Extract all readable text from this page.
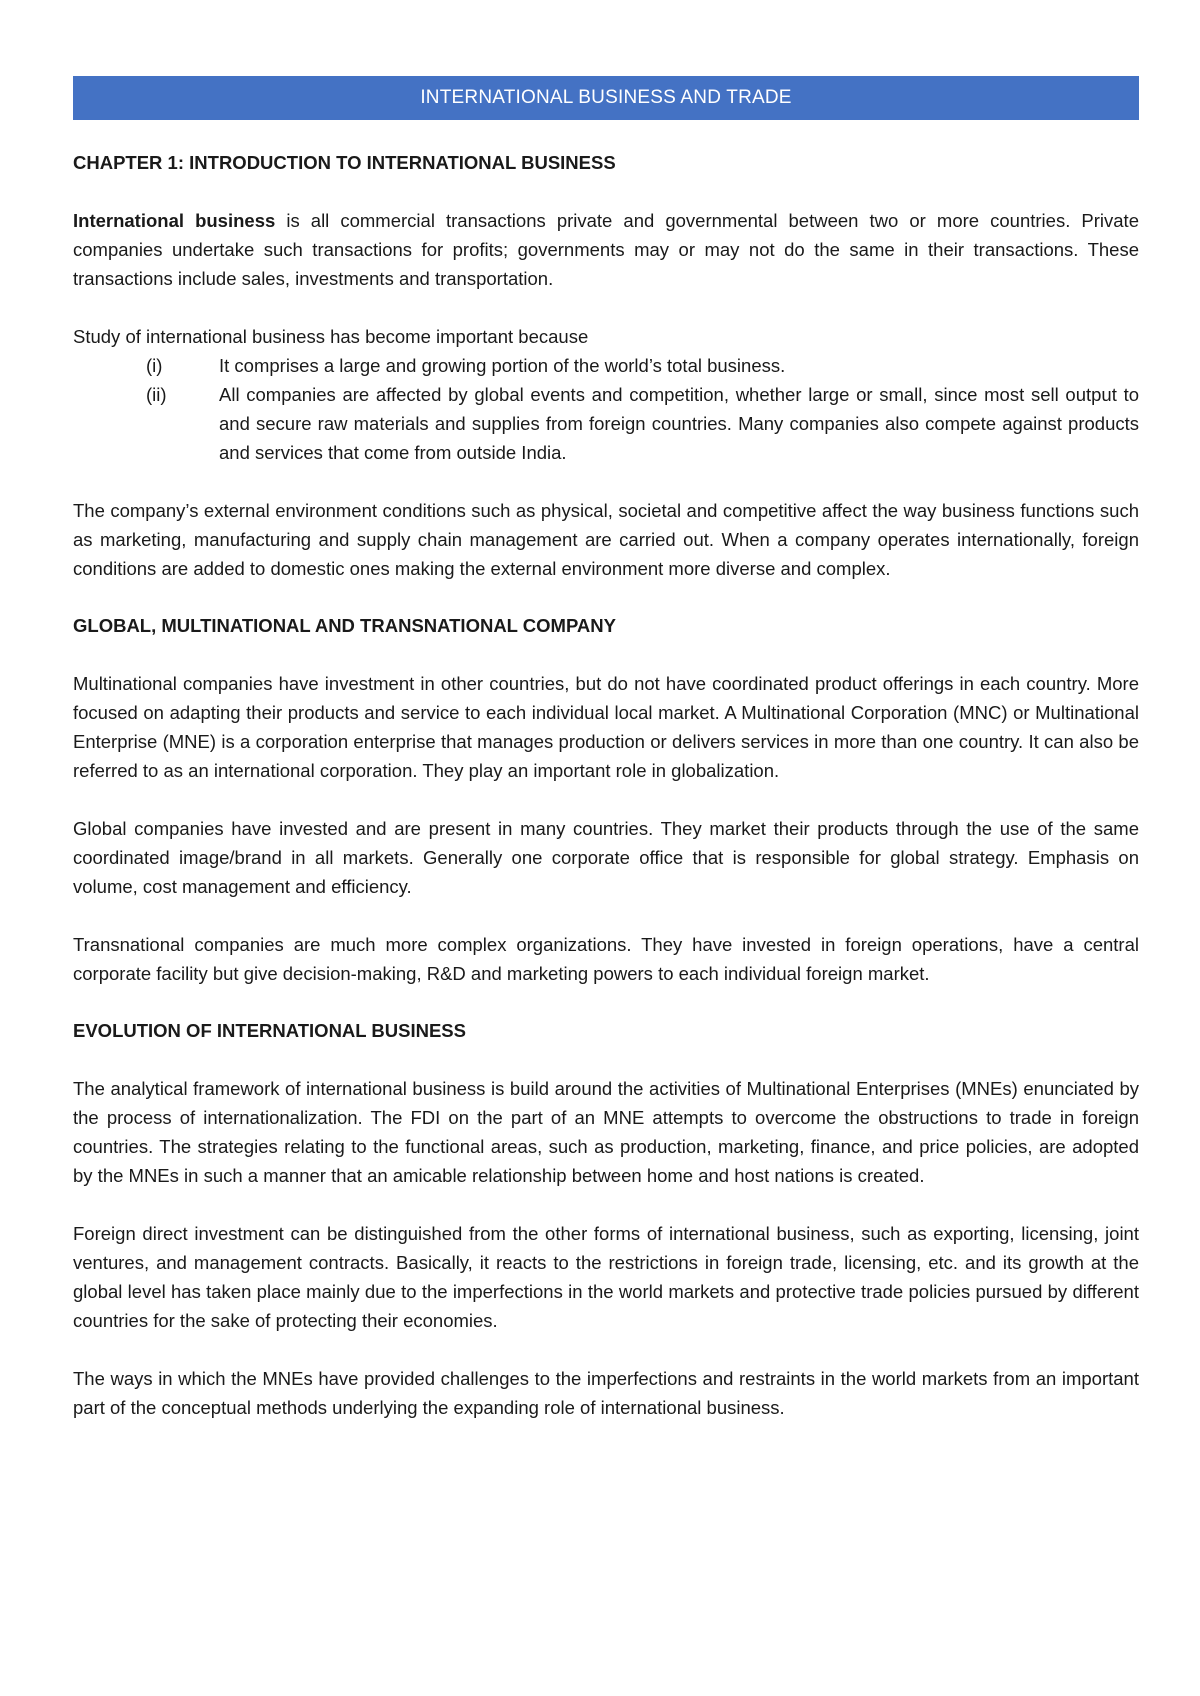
INTERNATIONAL BUSINESS AND TRADE
CHAPTER 1: INTRODUCTION TO INTERNATIONAL BUSINESS

International business is all commercial transactions private and governmental between two or more countries. Private companies undertake such transactions for profits; governments may or may not do the same in their transactions. These transactions include sales, investments and transportation.

Study of international business has become important because

(i)	It comprises a large and growing portion of the world’s total business.
(ii)	All companies are affected by global events and competition, whether large or small, since most sell output to and secure raw materials and supplies from foreign countries. Many companies also compete against products and services that come from outside India.

The company’s external environment conditions such as physical, societal and competitive affect the way business functions such as marketing, manufacturing and supply chain management are carried out. When a company operates internationally, foreign conditions are added to domestic ones making the external environment more diverse and complex.

GLOBAL, MULTINATIONAL AND TRANSNATIONAL COMPANY

Multinational companies have investment in other countries, but do not have coordinated product offerings in each country. More focused on adapting their products and service to each individual local market. A Multinational Corporation (MNC) or Multinational Enterprise (MNE) is a corporation enterprise that manages production or delivers services in more than one country. It can also be referred to as an international corporation. They play an important role in globalization.

Global companies have invested and are present in many countries. They market their products through the use of the same coordinated image/brand in all markets. Generally one corporate office that is responsible for global strategy. Emphasis on volume, cost management and efficiency.

Transnational companies are much more complex organizations. They have invested in foreign operations, have a central corporate facility but give decision-making, R&D and marketing powers to each individual foreign market.

EVOLUTION OF INTERNATIONAL BUSINESS

The analytical framework of international business is build around the activities of Multinational Enterprises (MNEs) enunciated by the process of internationalization. The FDI on the part of an MNE attempts to overcome the obstructions to trade in foreign countries. The strategies relating to the functional areas, such as production, marketing, finance, and price policies, are adopted by the MNEs in such a manner that an amicable relationship between home and host nations is created.

Foreign direct investment can be distinguished from the other forms of international business, such as exporting, licensing, joint ventures, and management contracts. Basically, it reacts to the restrictions in foreign trade, licensing, etc. and its growth at the global level has taken place mainly due to the imperfections in the world markets and protective trade policies pursued by different countries for the sake of protecting their economies.

The ways in which the MNEs have provided challenges to the imperfections and restraints in the world markets from an important part of the conceptual methods underlying the expanding role of international business.
